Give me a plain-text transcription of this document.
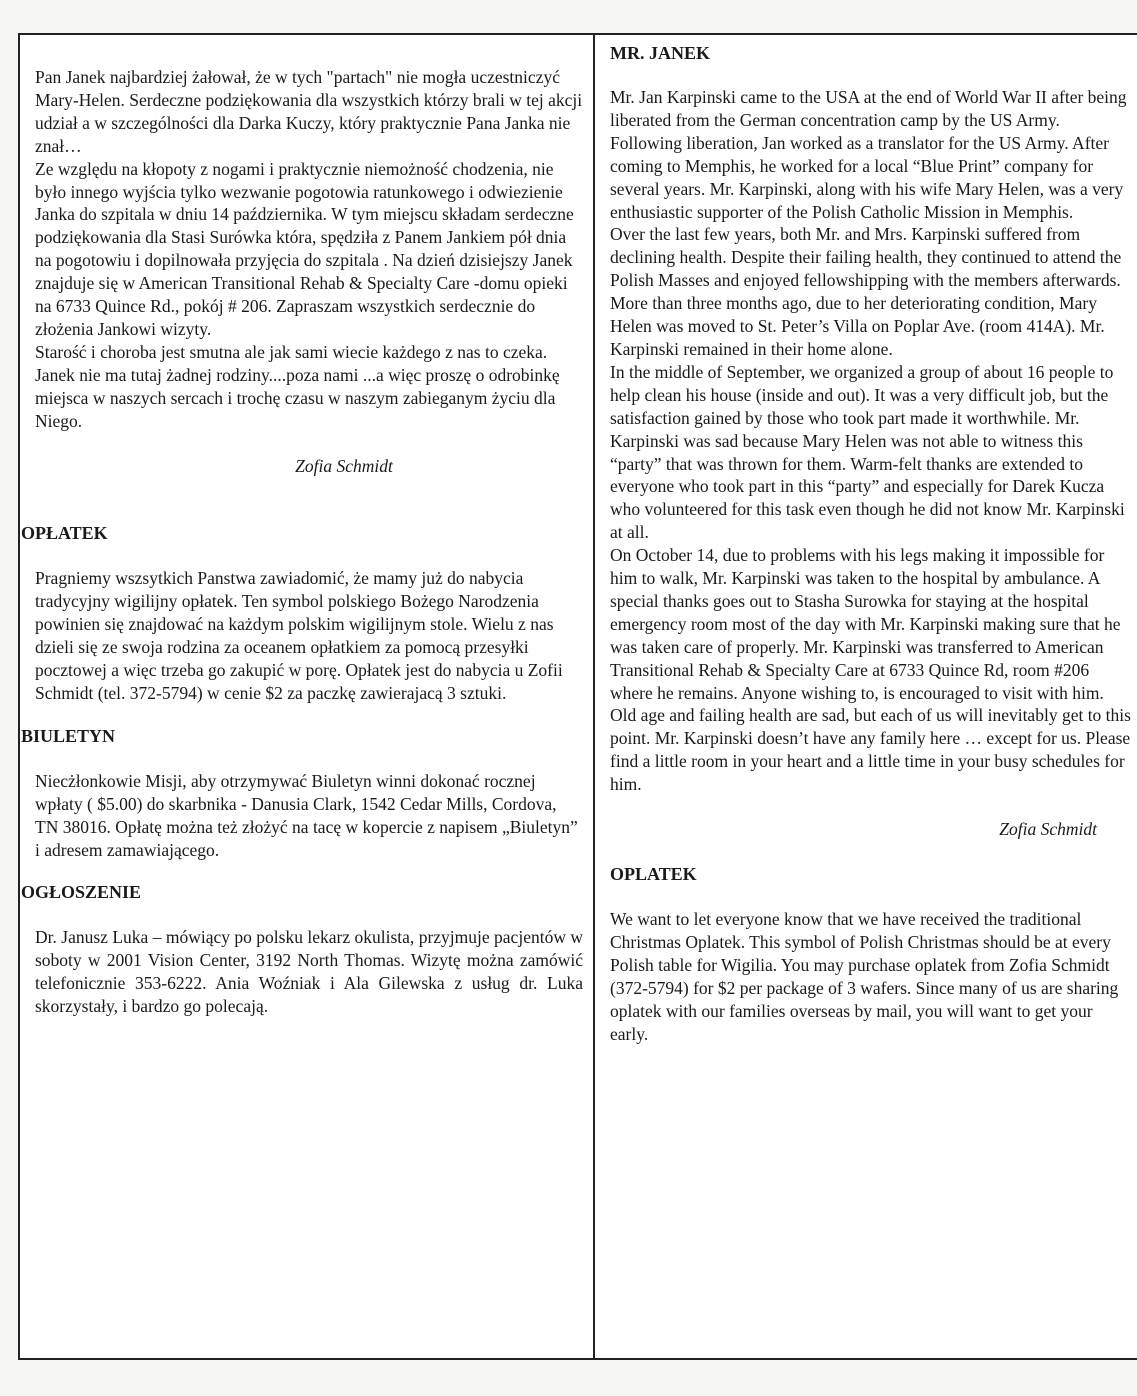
Pan Janek najbardziej żałował, że w tych "partach" nie mogła uczestniczyć Mary-Helen. Serdeczne podziękowania dla wszystkich którzy brali w tej akcji udział a w szczególności dla Darka Kuczy, który praktycznie Pana Janka nie znał…

Ze względu na kłopoty z nogami i praktycznie niemożność chodzenia, nie było innego wyjścia tylko wezwanie pogotowia ratunkowego i odwiezienie Janka do szpitala w dniu 14 października. W tym miejscu składam serdeczne podziękowania dla Stasi Surówka która, spędziła z Panem Jankiem pół dnia na pogotowiu i dopilnowała przyjęcia do szpitala . Na dzień dzisiejszy Janek znajduje się w American Transitional Rehab & Specialty Care -domu opieki na 6733 Quince Rd., pokój # 206. Zapraszam wszystkich serdecznie do złożenia Jankowi wizyty.

Starość i choroba jest smutna ale jak sami wiecie każdego z nas to czeka. Janek nie ma tutaj żadnej rodziny....poza nami ...a więc proszę o odrobinkę miejsca w naszych sercach i trochę czasu w naszym zabieganym życiu dla Niego.

Zofia Schmidt

OPŁATEK

Pragniemy wszsytkich Panstwa zawiadomić, że mamy już do nabycia tradycyjny wigilijny opłatek. Ten symbol polskiego Bożego Narodzenia powinien się znajdować na każdym polskim wigilijnym stole. Wielu z nas dzieli się ze swoja rodzina za oceanem opłatkiem za pomocą przesyłki pocztowej a więc trzeba go zakupić w porę. Opłatek jest do nabycia u Zofii Schmidt (tel. 372-5794) w cenie $2 za paczkę zawierajacą 3 sztuki.

BIULETYN

Niecżłonkowie Misji, aby otrzymywać Biuletyn winni dokonać rocznej wpłaty ( $5.00) do skarbnika - Danusia Clark, 1542 Cedar Mills, Cordova, TN 38016. Opłatę można też złożyć na tacę w kopercie z napisem „Biuletyn” i adresem zamawiającego.

OGŁOSZENIE

Dr. Janusz Luka – mówiący po polsku lekarz okulista, przyjmuje pacjentów w soboty w 2001 Vision Center, 3192 North Thomas. Wizytę można zamówić telefonicznie 353-6222. Ania Woźniak i Ala Gilewska z usług dr. Luka skorzystały, i bardzo go polecają.

MR. JANEK

Mr. Jan Karpinski came to the USA at the end of World War II after being liberated from the German concentration camp by the US Army. Following liberation, Jan worked as a translator for the US Army. After coming to Memphis, he worked for a local “Blue Print” company for several years. Mr. Karpinski, along with his wife Mary Helen, was a very enthusiastic supporter of the Polish Catholic Mission in Memphis.

Over the last few years, both Mr. and Mrs. Karpinski suffered from declining health. Despite their failing health, they continued to attend the Polish Masses and enjoyed fellowshipping with the members afterwards.

More than three months ago, due to her deteriorating condition, Mary Helen was moved to St. Peter’s Villa on Poplar Ave. (room 414A). Mr. Karpinski remained in their home alone.

In the middle of September, we organized a group of about 16 people to help clean his house (inside and out). It was a very difficult job, but the satisfaction gained by those who took part made it worthwhile. Mr. Karpinski was sad because Mary Helen was not able to witness this “party” that was thrown for them. Warm-felt thanks are extended to everyone who took part in this “party” and especially for Darek Kucza who volunteered for this task even though he did not know Mr. Karpinski at all.

On October 14, due to problems with his legs making it impossible for him to walk, Mr. Karpinski was taken to the hospital by ambulance. A special thanks goes out to Stasha Surowka for staying at the hospital emergency room most of the day with Mr. Karpinski making sure that he was taken care of properly. Mr. Karpinski was transferred to American Transitional Rehab & Specialty Care at 6733 Quince Rd, room #206 where he remains. Anyone wishing to, is encouraged to visit with him.

Old age and failing health are sad, but each of us will inevitably get to this point. Mr. Karpinski doesn’t have any family here … except for us. Please find a little room in your heart and a little time in your busy schedules for him.

Zofia Schmidt

OPLATEK

We want to let everyone know that we have received the traditional Christmas Oplatek. This symbol of Polish Christmas should be at every Polish table for Wigilia. You may purchase oplatek from Zofia Schmidt (372-5794) for $2 per package of 3 wafers. Since many of us are sharing oplatek with our families overseas by mail, you will want to get your early.
